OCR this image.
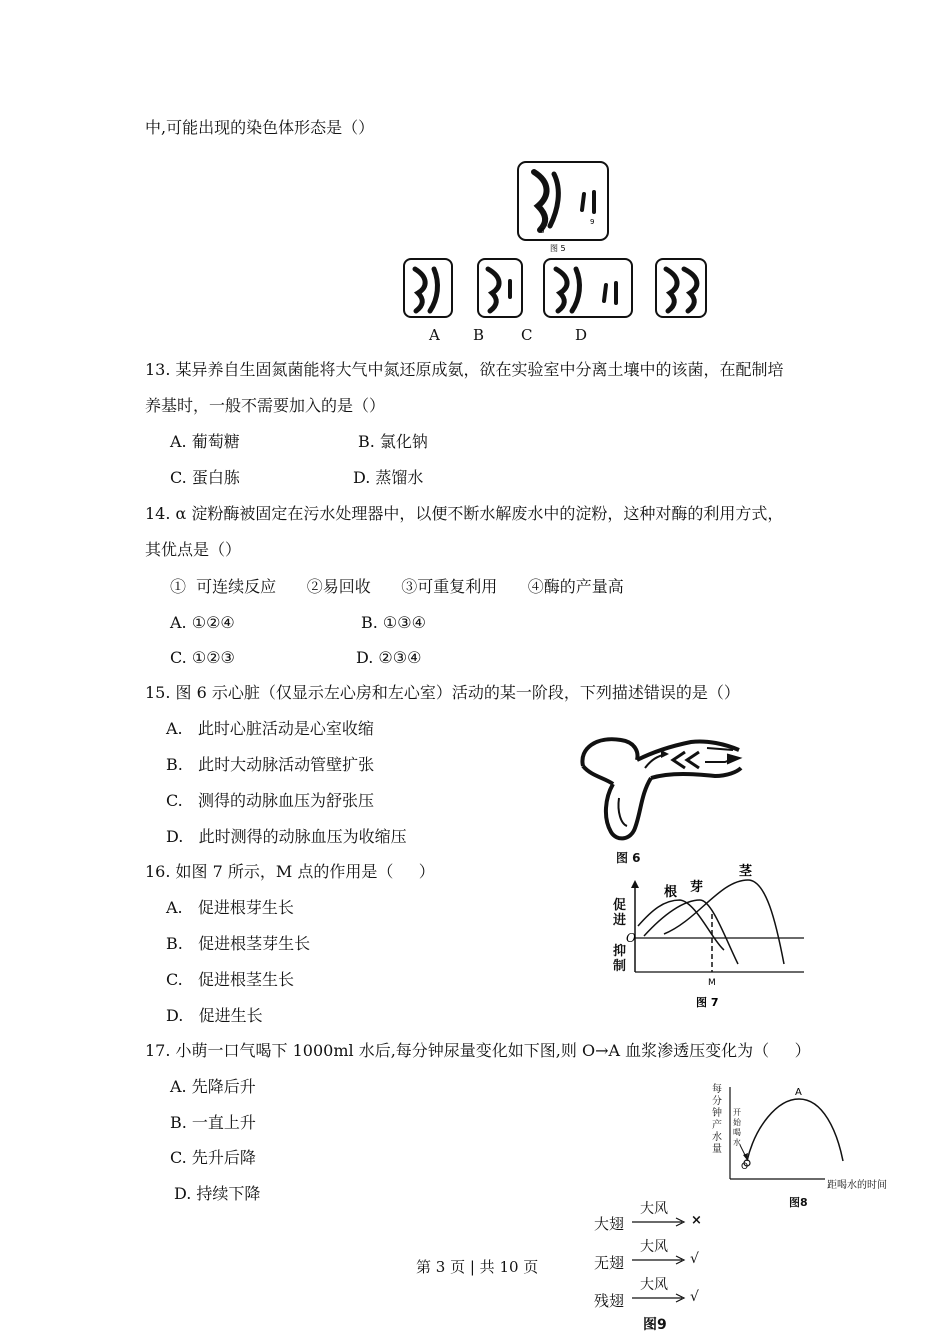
中,可能出现的染色体形态是（）
6
9
图 5
A B C	D
13. 某异养自生固氮菌能将大气中氮还原成氨，欲在实验室中分离土壤中的该菌，在配制培
养基时，一般不需要加入的是（）
A. 葡萄糖	B. 氯化钠
C. 蛋白胨	D. 蒸馏水
14. α 淀粉酶被固定在污水处理器中，以便不断水解废水中的淀粉，这种对酶的利用方式，
其优点是（）
①  可连续反应      ②易回收      ③可重复利用      ④酶的产量高
A. ①②④	B. ①③④
C. ①②③	D. ②③④
15. 图 6 示心脏（仅显示左心房和左心室）活动的某一阶段，下列描述错误的是（）
A.   此时心脏活动是心室收缩
B.   此时大动脉活动管壁扩张
C.   测得的动脉血压为舒张压
D.   此时测得的动脉血压为收缩压
图 6
16. 如图 7 所示，M 点的作用是（     ）
A.   促进根芽生长
B.   促进根茎芽生长
C.   促进根茎生长
D.   促进生长
根 芽
茎
O
M
图 7
促进
抑制
17. 小萌一口气喝下 1000ml 水后,每分钟尿量变化如下图,则 O→A 血浆渗透压变化为（     ）
A. 先降后升
B. 一直上升
C. 先升后降
D. 持续下降
A
O
每分钟产水量
开始喝水
距喝水的时间
图8
大翅
大风
×
无翅
大风
√
残翅
大风
√
图9
第 3 页 | 共 10 页
